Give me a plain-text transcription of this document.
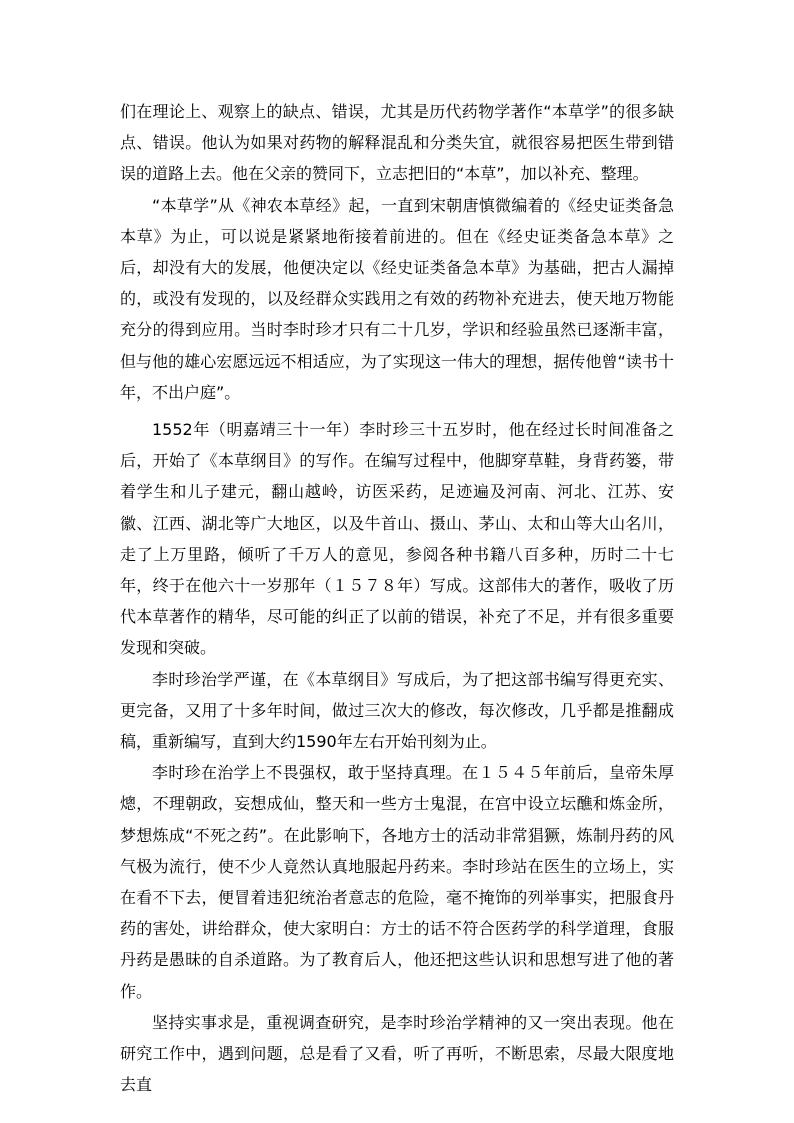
们在理论上、观察上的缺点、错误，尤其是历代药物学著作“本草学”的很多缺点、错误。他认为如果对药物的解释混乱和分类失宜，就很容易把医生带到错误的道路上去。他在父亲的赞同下，立志把旧的“本草”，加以补充、整理。

“本草学”从《神农本草经》起，一直到宋朝唐慎微编着的《经史证类备急本草》为止，可以说是紧紧地衔接着前进的。但在《经史证类备急本草》之后，却没有大的发展，他便决定以《经史证类备急本草》为基础，把古人漏掉的，或没有发现的，以及经群众实践用之有效的药物补充进去，使天地万物能充分的得到应用。当时李时珍才只有二十几岁，学识和经验虽然已逐渐丰富，但与他的雄心宏愿远远不相适应，为了实现这一伟大的理想，据传他曾“读书十年，不出户庭”。

1552年（明嘉靖三十一年）李时珍三十五岁时，他在经过长时间准备之后，开始了《本草纲目》的写作。在编写过程中，他脚穿草鞋，身背药篓，带着学生和儿子建元，翻山越岭，访医采药，足迹遍及河南、河北、江苏、安徽、江西、湖北等广大地区，以及牛首山、摄山、茅山、太和山等大山名川，走了上万里路，倾听了千万人的意见，参阅各种书籍八百多种，历时二十七年，终于在他六十一岁那年（１５７８年）写成。这部伟大的著作，吸收了历代本草著作的精华，尽可能的纠正了以前的错误，补充了不足，并有很多重要发现和突破。

李时珍治学严谨，在《本草纲目》写成后，为了把这部书编写得更充实、更完备，又用了十多年时间，做过三次大的修改，每次修改，几乎都是推翻成稿，重新编写，直到大约1590年左右开始刊刻为止。

李时珍在治学上不畏强权，敢于坚持真理。在１５４５年前后，皇帝朱厚熜，不理朝政，妄想成仙，整天和一些方士鬼混，在宫中设立坛醮和炼金所，梦想炼成“不死之药”。在此影响下，各地方士的活动非常猖獗，炼制丹药的风气极为流行，使不少人竟然认真地服起丹药来。李时珍站在医生的立场上，实在看不下去，便冒着违犯统治者意志的危险，毫不掩饰的列举事实，把服食丹药的害处，讲给群众，使大家明白：方士的话不符合医药学的科学道理，食服丹药是愚昧的自杀道路。为了教育后人，他还把这些认识和思想写进了他的著作。

坚持实事求是，重视调查研究，是李时珍治学精神的又一突出表现。他在研究工作中，遇到问题，总是看了又看，听了再听，不断思索，尽最大限度地去直
